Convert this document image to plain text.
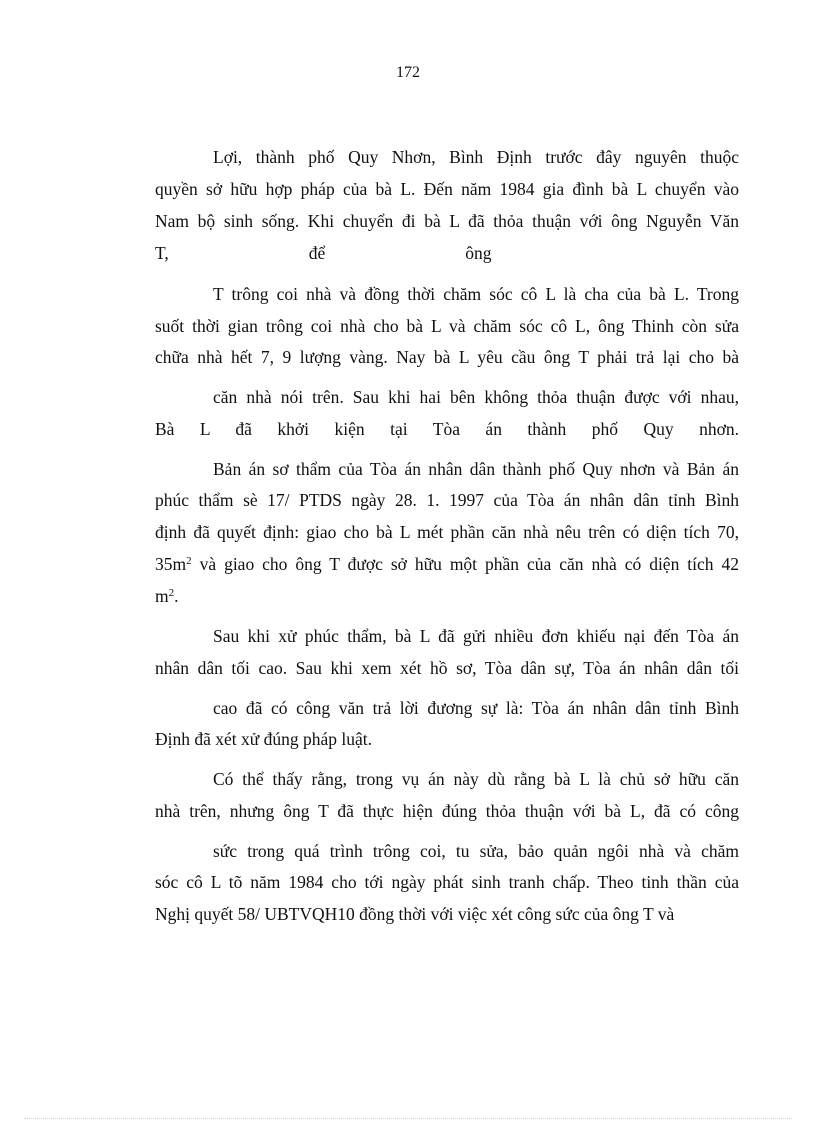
172
Lợi, thành phố Quy Nhơn, Bình Định trước đây nguyên thuộc
quyền sở hữu hợp pháp của bà L. Đến năm 1984 gia đình bà L chuyển vào
Nam bộ sinh sống. Khi chuyển đi bà L đã thỏa thuận với ông Nguyễn Văn
T,                                để                                ông
T trông coi nhà và đồng thời chăm sóc cô L là cha của bà L. Trong
suốt thời gian trông coi nhà cho bà L và chăm sóc cô L, ông Thinh còn sửa
chữa nhà hết 7, 9 lượng vàng. Nay bà L yêu cầu ông T phải trả lại cho bà
căn nhà nói trên. Sau khi hai bên không thỏa thuận được với nhau,
Bà L đã khởi kiện tại Tòa án thành phố Quy nhơn.
Bản án sơ thẩm của Tòa án nhân dân thành phố Quy nhơn và Bản án
phúc thẩm sè 17/ PTDS ngày 28. 1. 1997 của Tòa án nhân dân tỉnh Bình
định đã quyết định: giao cho bà L mét phần căn nhà nêu trên có diện tích 70,
$35m^2$ và giao cho ông T được sở hữu một phần của căn nhà có diện tích 42
$m^2$.
Sau khi xử phúc thẩm, bà L đã gửi nhiều đơn khiếu nại đến Tòa án
nhân dân tối cao. Sau khi xem xét hồ sơ, Tòa dân sự, Tòa án nhân dân tối
cao đã có công văn trả lời đương sự là: Tòa án nhân dân tỉnh Bình
Định đã xét xử đúng pháp luật.
Có thể thấy rằng, trong vụ án này dù rằng bà L là chủ sở hữu căn
nhà trên, nhưng ông T đã thực hiện đúng thỏa thuận với bà L, đã có công
sức trong quá trình trông coi, tu sửa, bảo quản ngôi nhà và chăm
sóc cô L tõ năm 1984 cho tới ngày phát sinh tranh chấp. Theo tinh thần của
Nghị quyết 58/ UBTVQH10 đồng thời với việc xét công sức của ông T và
